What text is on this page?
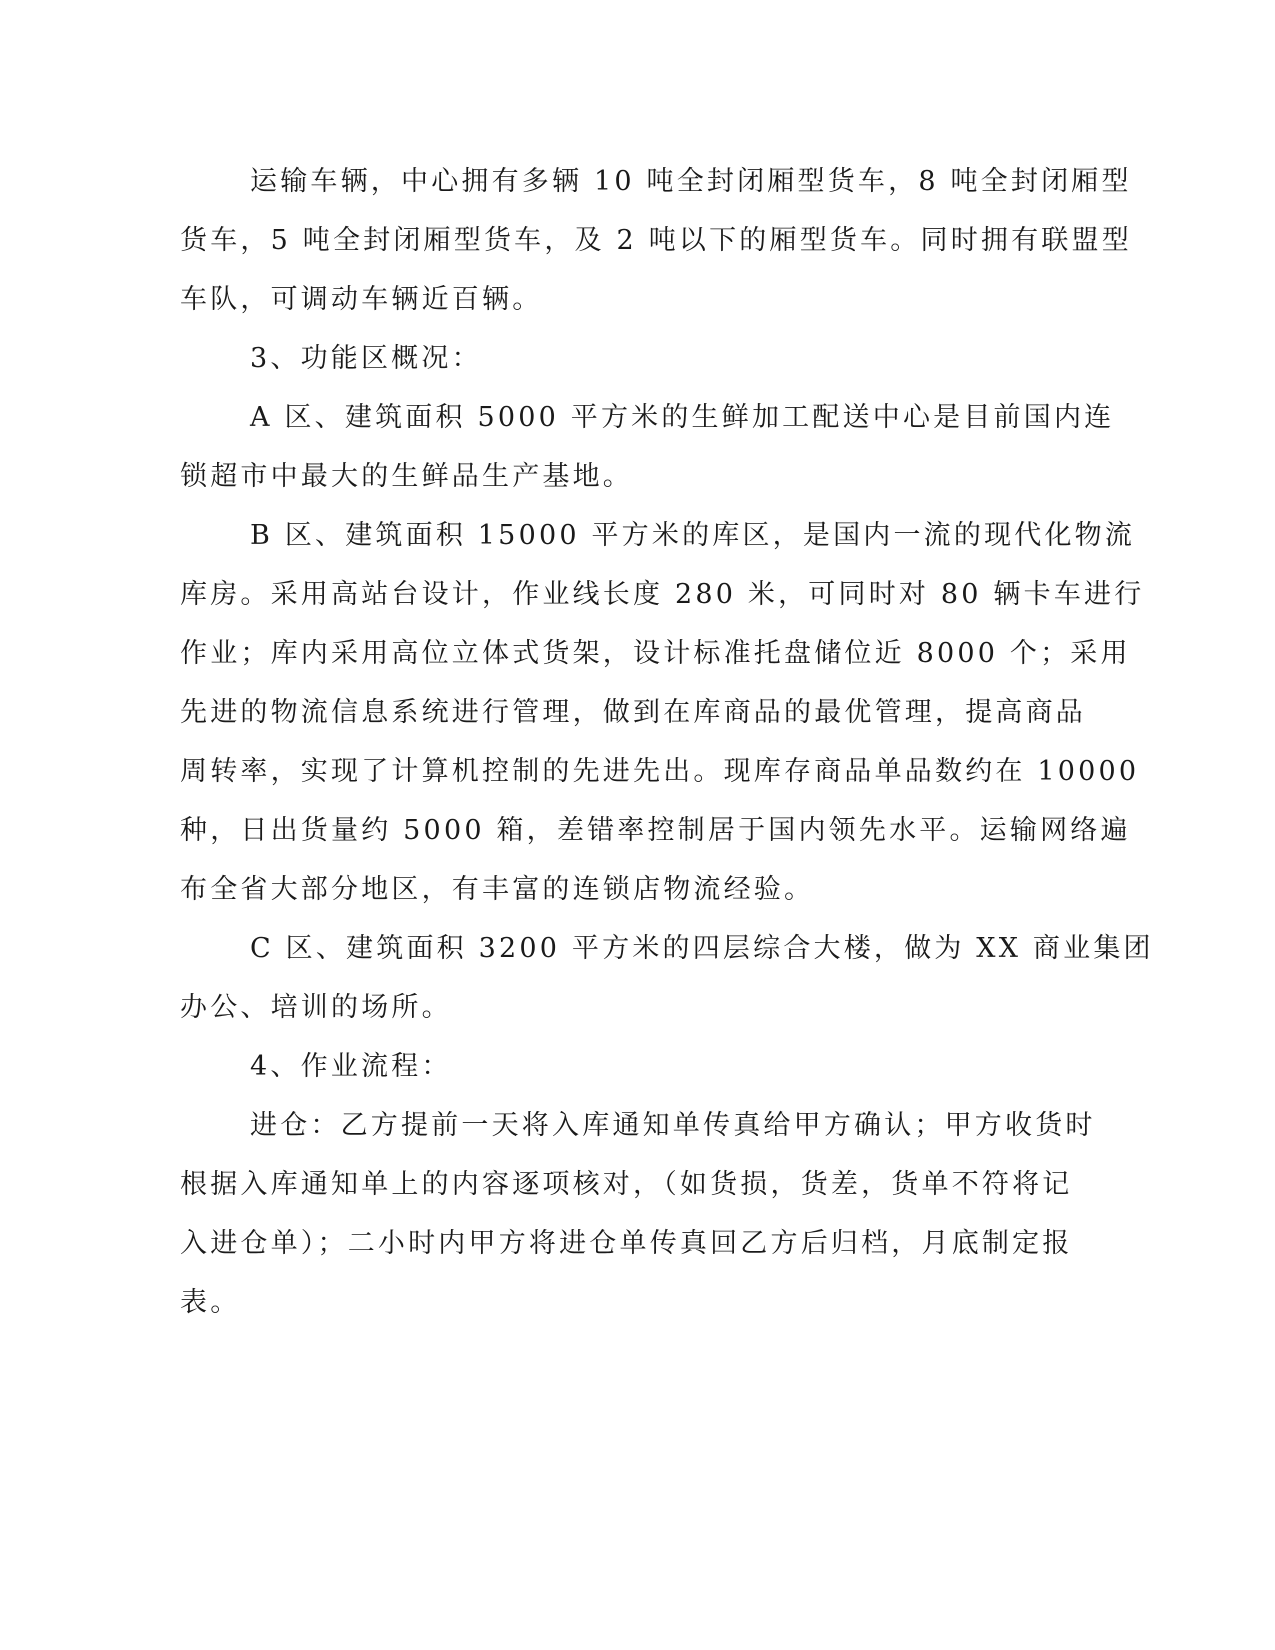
运输车辆，中心拥有多辆 10 吨全封闭厢型货车，8 吨全封闭厢型
货车，5 吨全封闭厢型货车，及 2 吨以下的厢型货车。同时拥有联盟型
车队，可调动车辆近百辆。

3、功能区概况：

A 区、建筑面积 5000 平方米的生鲜加工配送中心是目前国内连
锁超市中最大的生鲜品生产基地。

B 区、建筑面积 15000 平方米的库区，是国内一流的现代化物流
库房。采用高站台设计，作业线长度 280 米，可同时对 80 辆卡车进行
作业；库内采用高位立体式货架，设计标准托盘储位近 8000 个；采用
先进的物流信息系统进行管理，做到在库商品的最优管理，提高商品
周转率，实现了计算机控制的先进先出。现库存商品单品数约在 10000
种，日出货量约 5000 箱，差错率控制居于国内领先水平。运输网络遍
布全省大部分地区，有丰富的连锁店物流经验。

C 区、建筑面积 3200 平方米的四层综合大楼，做为 XX 商业集团
办公、培训的场所。

4、作业流程：

进仓：乙方提前一天将入库通知单传真给甲方确认；甲方收货时
根据入库通知单上的内容逐项核对，（如货损，货差，货单不符将记
入进仓单）；二小时内甲方将进仓单传真回乙方后归档，月底制定报
表。
